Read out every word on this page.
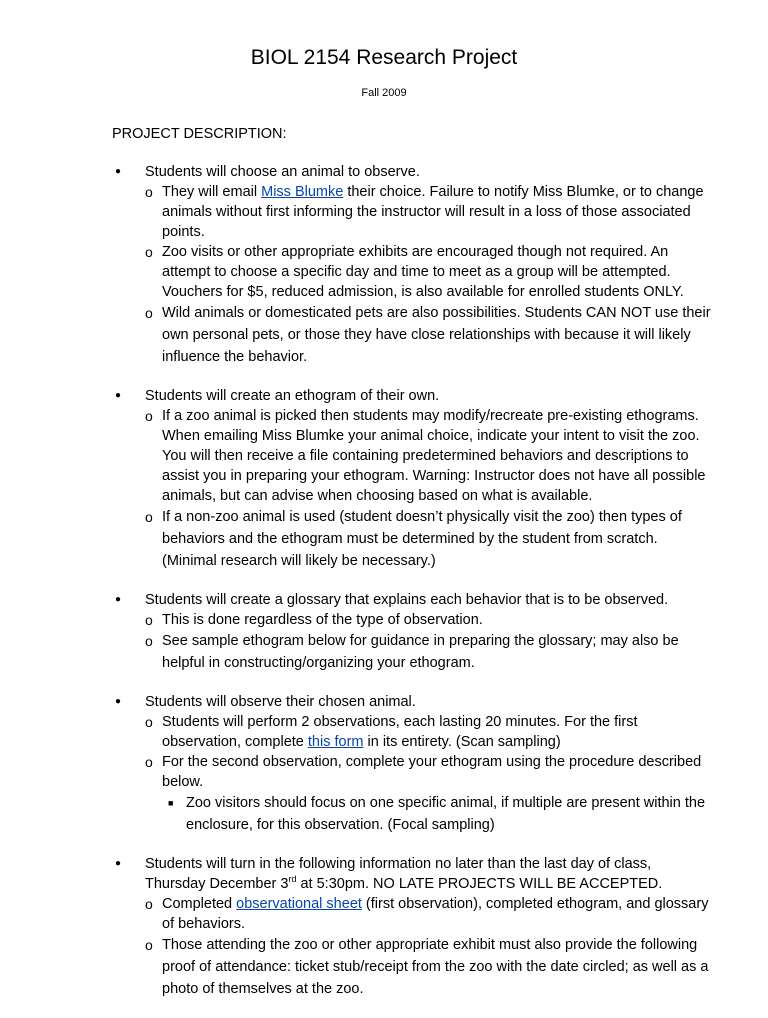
BIOL 2154 Research Project
Fall 2009
PROJECT DESCRIPTION:
● Students will choose an animal to observe.
o They will email Miss Blumke their choice. Failure to notify Miss Blumke, or to change animals without first informing the instructor will result in a loss of those associated points.
o Zoo visits or other appropriate exhibits are encouraged though not required. An attempt to choose a specific day and time to meet as a group will be attempted. Vouchers for $5, reduced admission, is also available for enrolled students ONLY.
o Wild animals or domesticated pets are also possibilities. Students CAN NOT use their own personal pets, or those they have close relationships with because it will likely influence the behavior.
● Students will create an ethogram of their own.
o If a zoo animal is picked then students may modify/recreate pre-existing ethograms. When emailing Miss Blumke your animal choice, indicate your intent to visit the zoo. You will then receive a file containing predetermined behaviors and descriptions to assist you in preparing your ethogram. Warning: Instructor does not have all possible animals, but can advise when choosing based on what is available.
o If a non-zoo animal is used (student doesn’t physically visit the zoo) then types of behaviors and the ethogram must be determined by the student from scratch. (Minimal research will likely be necessary.)
● Students will create a glossary that explains each behavior that is to be observed.
o This is done regardless of the type of observation.
o See sample ethogram below for guidance in preparing the glossary; may also be helpful in constructing/organizing your ethogram.
● Students will observe their chosen animal.
o Students will perform 2 observations, each lasting 20 minutes. For the first observation, complete this form in its entirety. (Scan sampling)
o For the second observation, complete your ethogram using the procedure described below.
■ Zoo visitors should focus on one specific animal, if multiple are present within the enclosure, for this observation. (Focal sampling)
● Students will turn in the following information no later than the last day of class, Thursday December 3rd at 5:30pm. NO LATE PROJECTS WILL BE ACCEPTED.
o Completed observational sheet (first observation), completed ethogram, and glossary of behaviors.
o Those attending the zoo or other appropriate exhibit must also provide the following proof of attendance: ticket stub/receipt from the zoo with the date circled; as well as a photo of themselves at the zoo.
